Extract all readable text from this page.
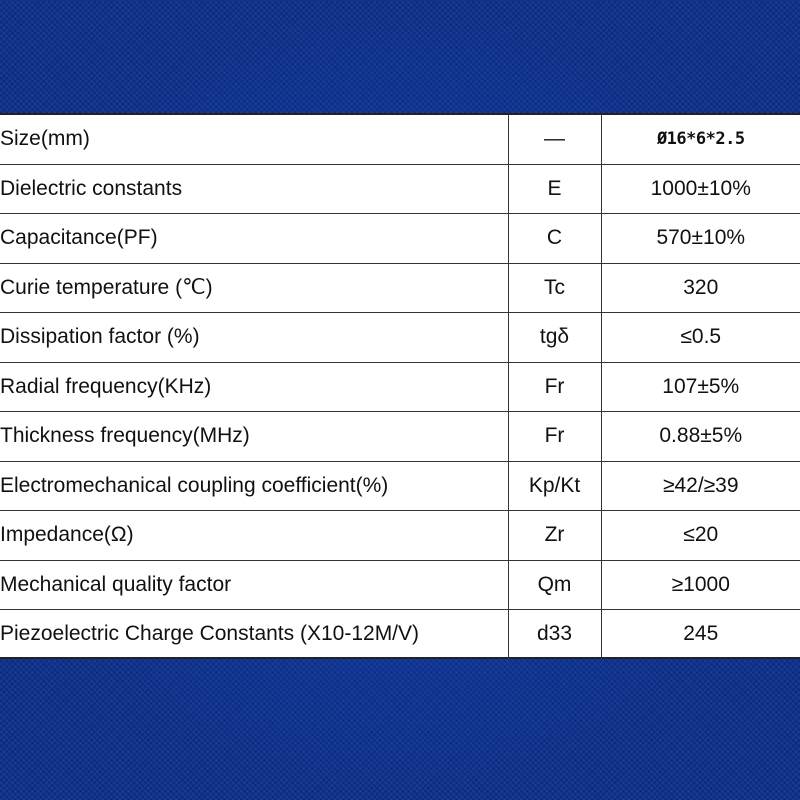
Size(mm)	—	Ø16*6*2.5
Dielectric constants	E	1000±10%
Capacitance(PF)	C	570±10%
Curie temperature (℃)	Tc	320
Dissipation factor (%)	tgδ	≤0.5
Radial frequency(KHz)	Fr	107±5%
Thickness frequency(MHz)	Fr	0.88±5%
Electromechanical coupling coefficient(%)	Kp/Kt	≥42/≥39
Impedance(Ω)	Zr	≤20
Mechanical quality factor	Qm	≥1000
Piezoelectric Charge Constants (X10-12M/V)	d33	245
